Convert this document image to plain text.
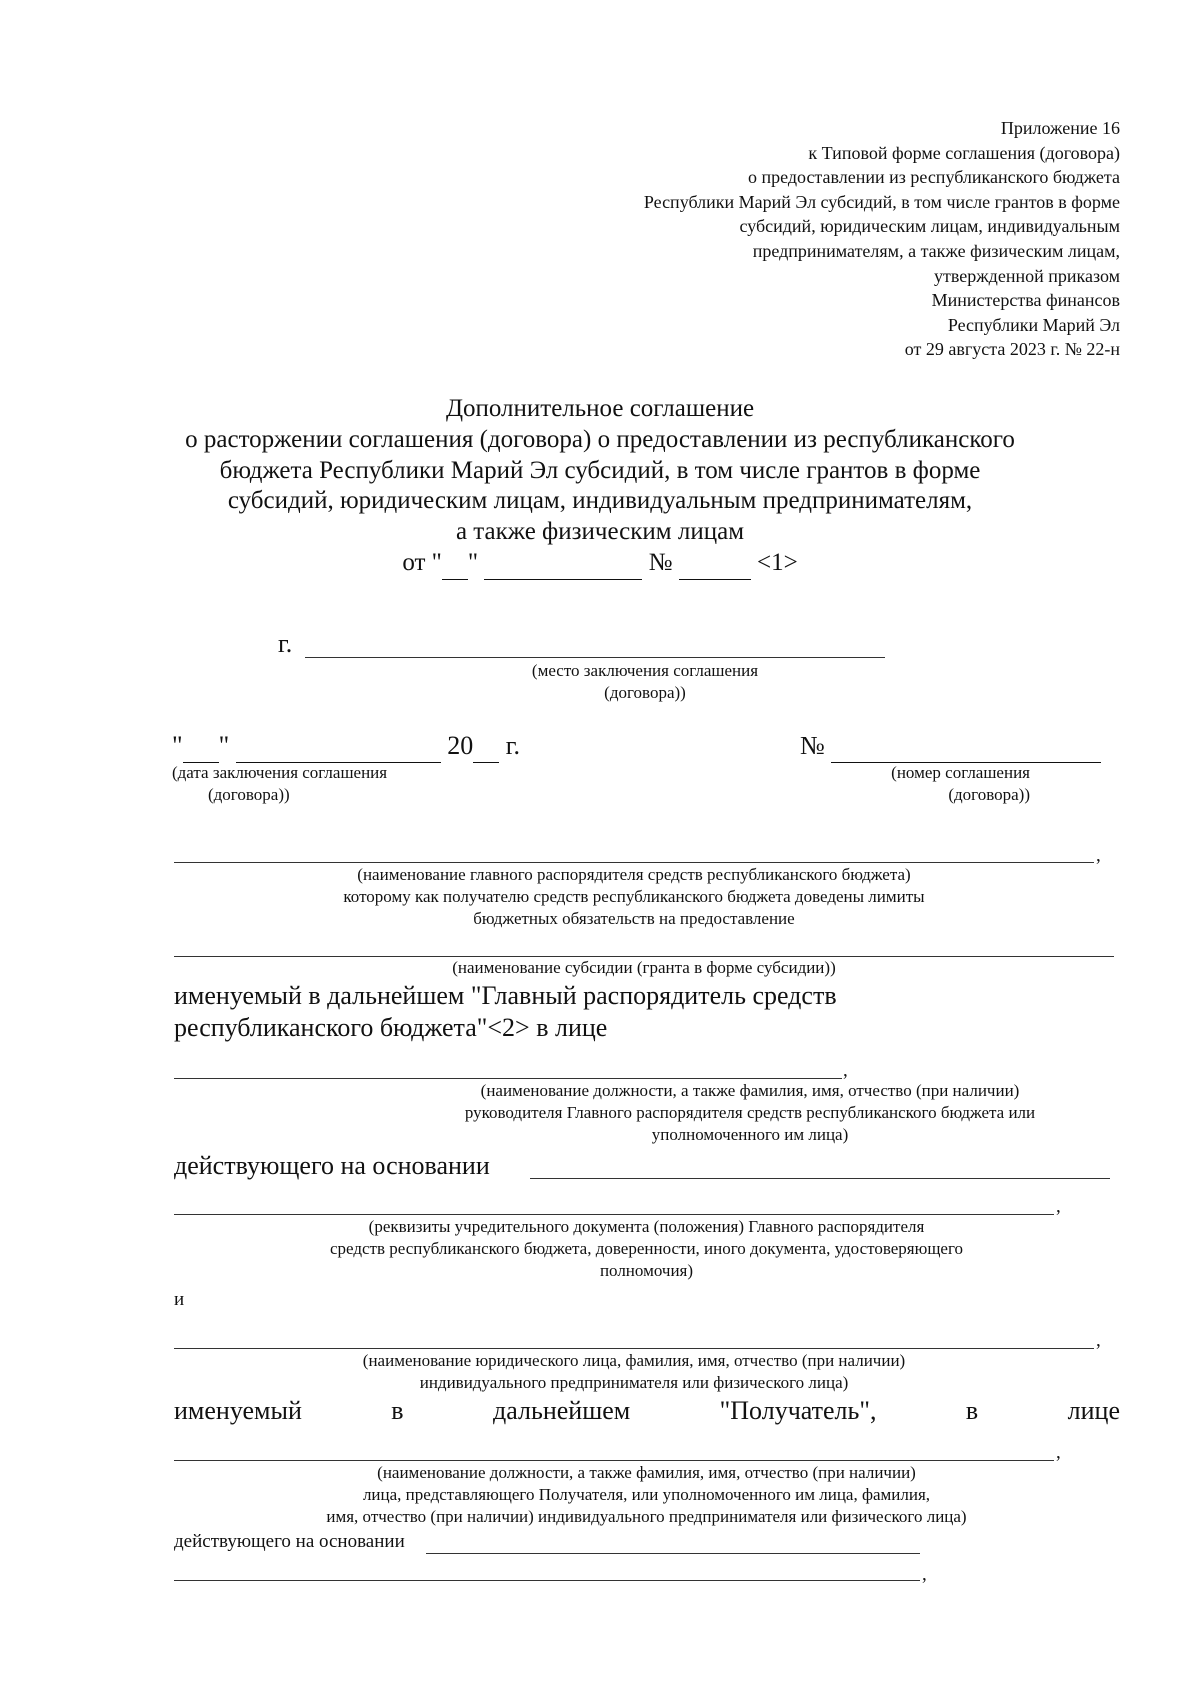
Приложение 16
к Типовой форме соглашения (договора)
о предоставлении из республиканского бюджета
Республики Марий Эл субсидий, в том числе грантов в форме
субсидий, юридическим лицам, индивидуальным
предпринимателям, а также физическим лицам,
утвержденной приказом
Министерства финансов
Республики Марий Эл
от 29 августа 2023 г. № 22-н
Дополнительное соглашение
о расторжении соглашения (договора) о предоставлении из республиканского
бюджета Республики Марий Эл субсидий, в том числе грантов в форме
субсидий, юридическим лицам, индивидуальным предпринимателям,
а также физическим лицам
от " "	№	<1>
г.
(место заключения соглашения
(договора))
" "	20 г.	№
(дата заключения соглашения
(договора))
(номер соглашения
(договора))
,
(наименование главного распорядителя средств республиканского бюджета)
которому как получателю средств республиканского бюджета доведены лимиты
бюджетных обязательств на предоставление
(наименование субсидии (гранта в форме субсидии))
именуемый в дальнейшем "Главный распорядитель средств
республиканского бюджета"<2> в лице
,
(наименование должности, а также фамилия, имя, отчество (при наличии)
руководителя Главного распорядителя средств республиканского бюджета или
уполномоченного им лица)
действующего на основании
,
(реквизиты учредительного документа (положения) Главного распорядителя
средств республиканского бюджета, доверенности, иного документа, удостоверяющего
полномочия)
и
,
(наименование юридического лица, фамилия, имя, отчество (при наличии)
индивидуального предпринимателя или физического лица)
именуемый	в	дальнейшем	"Получатель",	в	лице
,
(наименование должности, а также фамилия, имя, отчество (при наличии)
лица, представляющего Получателя, или уполномоченного им лица, фамилия,
имя, отчество (при наличии) индивидуального предпринимателя или физического лица)
действующего на основании
,
